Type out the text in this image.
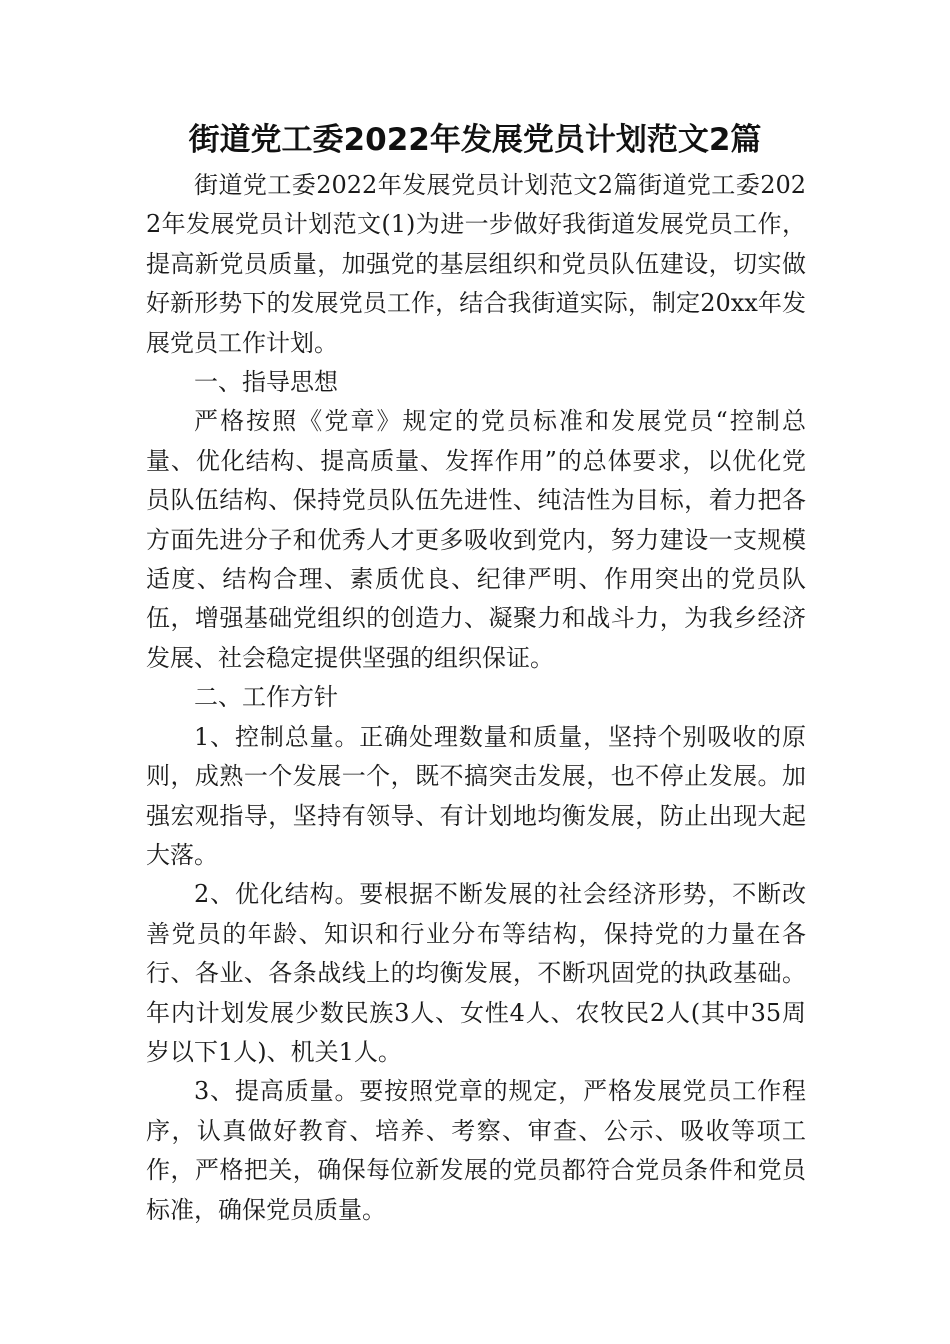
街道党工委2022年发展党员计划范文2篇

街道党工委2022年发展党员计划范文2篇街道党工委2022年发展党员计划范文(1)为进一步做好我街道发展党员工作，提高新党员质量，加强党的基层组织和党员队伍建设，切实做好新形势下的发展党员工作，结合我街道实际，制定20xx年发展党员工作计划。

一、指导思想

严格按照《党章》规定的党员标准和发展党员“控制总量、优化结构、提高质量、发挥作用”的总体要求，以优化党员队伍结构、保持党员队伍先进性、纯洁性为目标，着力把各方面先进分子和优秀人才更多吸收到党内，努力建设一支规模适度、结构合理、素质优良、纪律严明、作用突出的党员队伍，增强基础党组织的创造力、凝聚力和战斗力，为我乡经济发展、社会稳定提供坚强的组织保证。

二、工作方针

1、控制总量。正确处理数量和质量，坚持个别吸收的原则，成熟一个发展一个，既不搞突击发展，也不停止发展。加强宏观指导，坚持有领导、有计划地均衡发展，防止出现大起大落。

2、优化结构。要根据不断发展的社会经济形势，不断改善党员的年龄、知识和行业分布等结构，保持党的力量在各行、各业、各条战线上的均衡发展，不断巩固党的执政基础。年内计划发展少数民族3人、女性4人、农牧民2人(其中35周岁以下1人)、机关1人。

3、提高质量。要按照党章的规定，严格发展党员工作程序，认真做好教育、培养、考察、审查、公示、吸收等项工作，严格把关，确保每位新发展的党员都符合党员条件和党员标准，确保党员质量。
